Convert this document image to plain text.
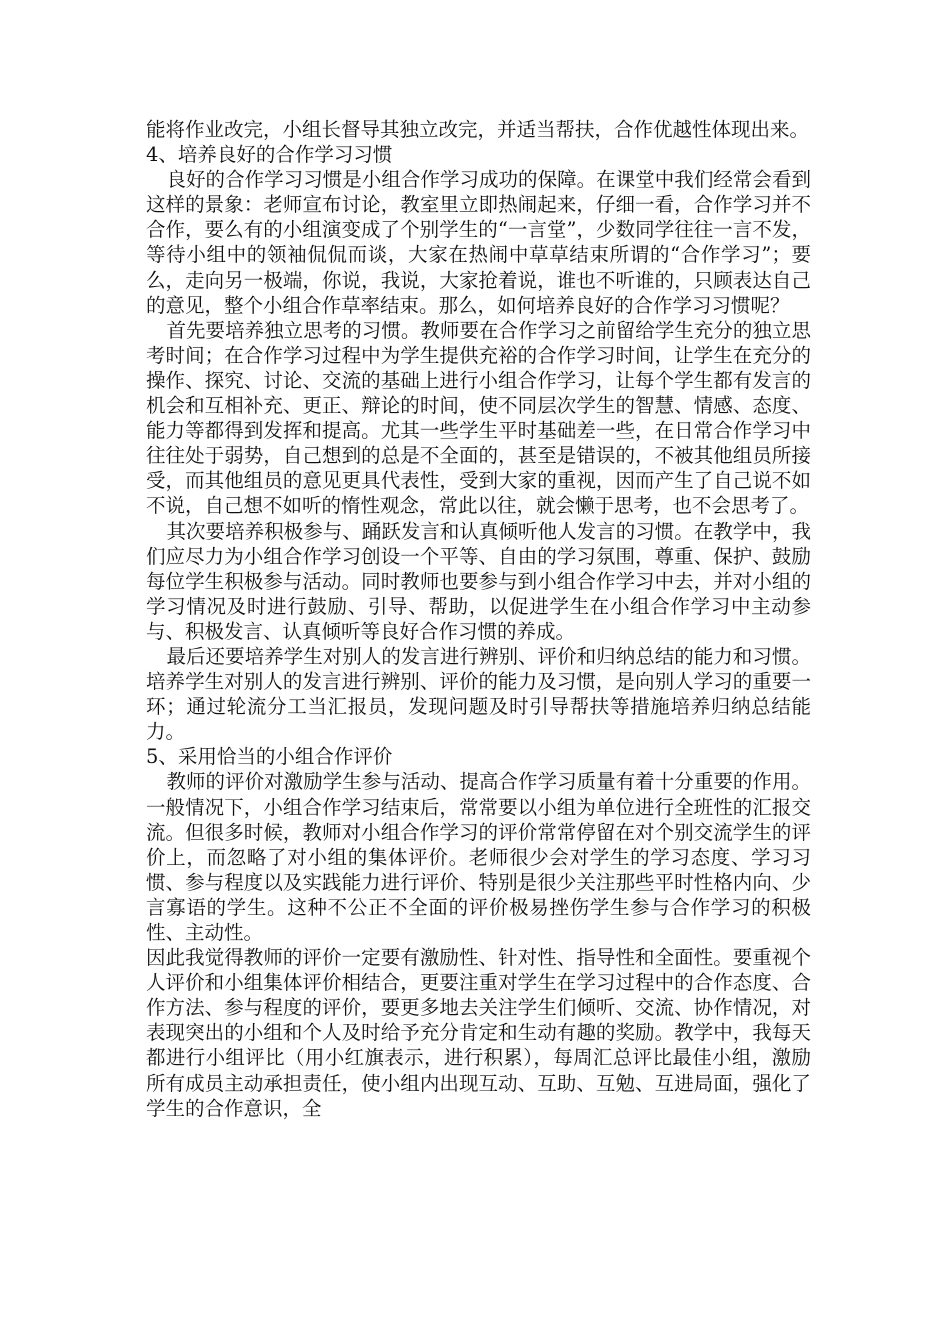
能将作业改完，小组长督导其独立改完，并适当帮扶，合作优越性体现出来。

4、培养良好的合作学习习惯

良好的合作学习习惯是小组合作学习成功的保障。在课堂中我们经常会看到这样的景象：老师宣布讨论，教室里立即热闹起来，仔细一看，合作学习并不合作，要么有的小组演变成了个别学生的“一言堂”，少数同学往往一言不发，等待小组中的领袖侃侃而谈，大家在热闹中草草结束所谓的“合作学习”；要么，走向另一极端，你说，我说，大家抢着说，谁也不听谁的，只顾表达自己的意见，整个小组合作草率结束。那么，如何培养良好的合作学习习惯呢？

首先要培养独立思考的习惯。教师要在合作学习之前留给学生充分的独立思考时间；在合作学习过程中为学生提供充裕的合作学习时间，让学生在充分的操作、探究、讨论、交流的基础上进行小组合作学习，让每个学生都有发言的机会和互相补充、更正、辩论的时间，使不同层次学生的智慧、情感、态度、能力等都得到发挥和提高。尤其一些学生平时基础差一些，在日常合作学习中往往处于弱势，自己想到的总是不全面的，甚至是错误的，不被其他组员所接受，而其他组员的意见更具代表性，受到大家的重视，因而产生了自己说不如不说，自己想不如听的惰性观念，常此以往，就会懒于思考，也不会思考了。

其次要培养积极参与、踊跃发言和认真倾听他人发言的习惯。在教学中，我们应尽力为小组合作学习创设一个平等、自由的学习氛围，尊重、保护、鼓励每位学生积极参与活动。同时教师也要参与到小组合作学习中去，并对小组的学习情况及时进行鼓励、引导、帮助，以促进学生在小组合作学习中主动参与、积极发言、认真倾听等良好合作习惯的养成。

最后还要培养学生对别人的发言进行辨别、评价和归纳总结的能力和习惯。培养学生对别人的发言进行辨别、评价的能力及习惯，是向别人学习的重要一环；通过轮流分工当汇报员，发现问题及时引导帮扶等措施培养归纳总结能力。

5、采用恰当的小组合作评价

教师的评价对激励学生参与活动、提高合作学习质量有着十分重要的作用。一般情况下，小组合作学习结束后，常常要以小组为单位进行全班性的汇报交流。但很多时候，教师对小组合作学习的评价常常停留在对个别交流学生的评价上，而忽略了对小组的集体评价。老师很少会对学生的学习态度、学习习惯、参与程度以及实践能力进行评价、特别是很少关注那些平时性格内向、少言寡语的学生。这种不公正不全面的评价极易挫伤学生参与合作学习的积极性、主动性。

因此我觉得教师的评价一定要有激励性、针对性、指导性和全面性。要重视个人评价和小组集体评价相结合，更要注重对学生在学习过程中的合作态度、合作方法、参与程度的评价，要更多地去关注学生们倾听、交流、协作情况，对表现突出的小组和个人及时给予充分肯定和生动有趣的奖励。教学中，我每天都进行小组评比（用小红旗表示，进行积累），每周汇总评比最佳小组，激励所有成员主动承担责任，使小组内出现互动、互助、互勉、互进局面，强化了学生的合作意识，全
